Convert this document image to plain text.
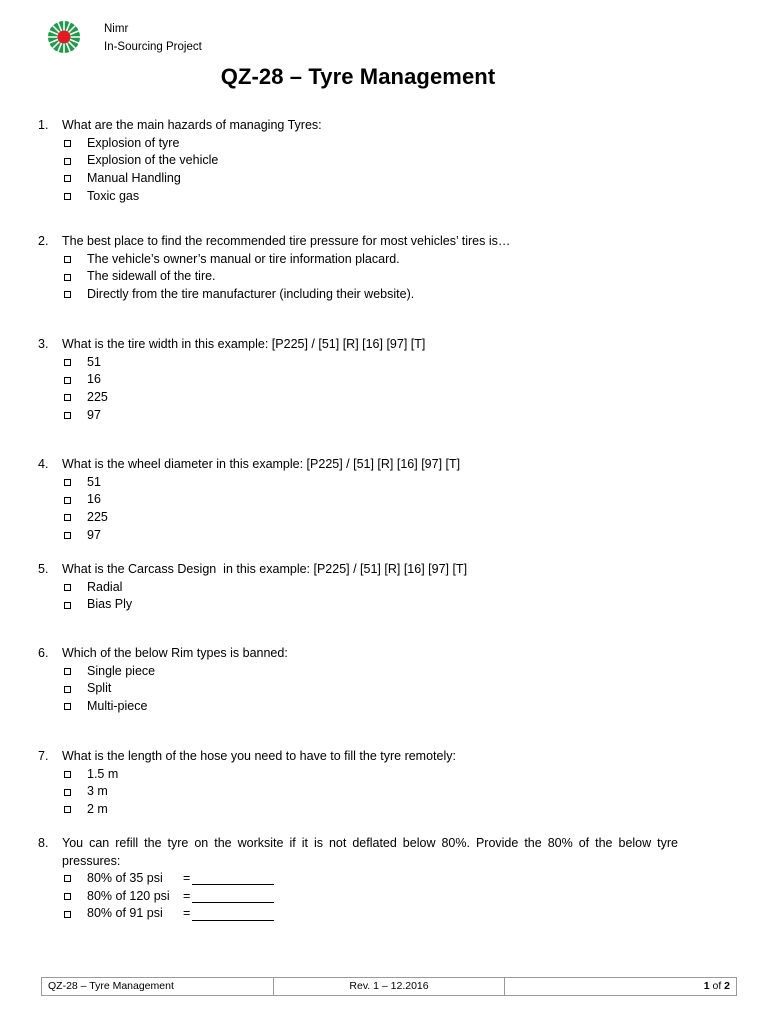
Nimr
In-Sourcing Project
QZ-28 – Tyre Management
1.	What are the main hazards of managing Tyres:
Explosion of tyre
Explosion of the vehicle
Manual Handling
Toxic gas
2.	The best place to find the recommended tire pressure for most vehicles’ tires is…
The vehicle’s owner’s manual or tire information placard.
The sidewall of the tire.
Directly from the tire manufacturer (including their website).
3.	What is the tire width in this example: [P225] / [51] [R] [16] [97] [T]
51
16
225
97
4.	What is the wheel diameter in this example: [P225] / [51] [R] [16] [97] [T]
51
16
225
97
5.	What is the Carcass Design  in this example: [P225] / [51] [R] [16] [97] [T]
Radial
Bias Ply
6.	Which of the below Rim types is banned:
Single piece
Split
Multi-piece
7.	What is the length of the hose you need to have to fill the tyre remotely:
1.5 m
3 m
2 m
8.	You can refill the tyre on the worksite if it is not deflated below 80%. Provide the 80% of the below tyre pressures:
80% of 35 psi	=
80% of 120 psi	=
80% of 91 psi	=
QZ-28 – Tyre Management	Rev. 1 – 12.2016	1 of 2
